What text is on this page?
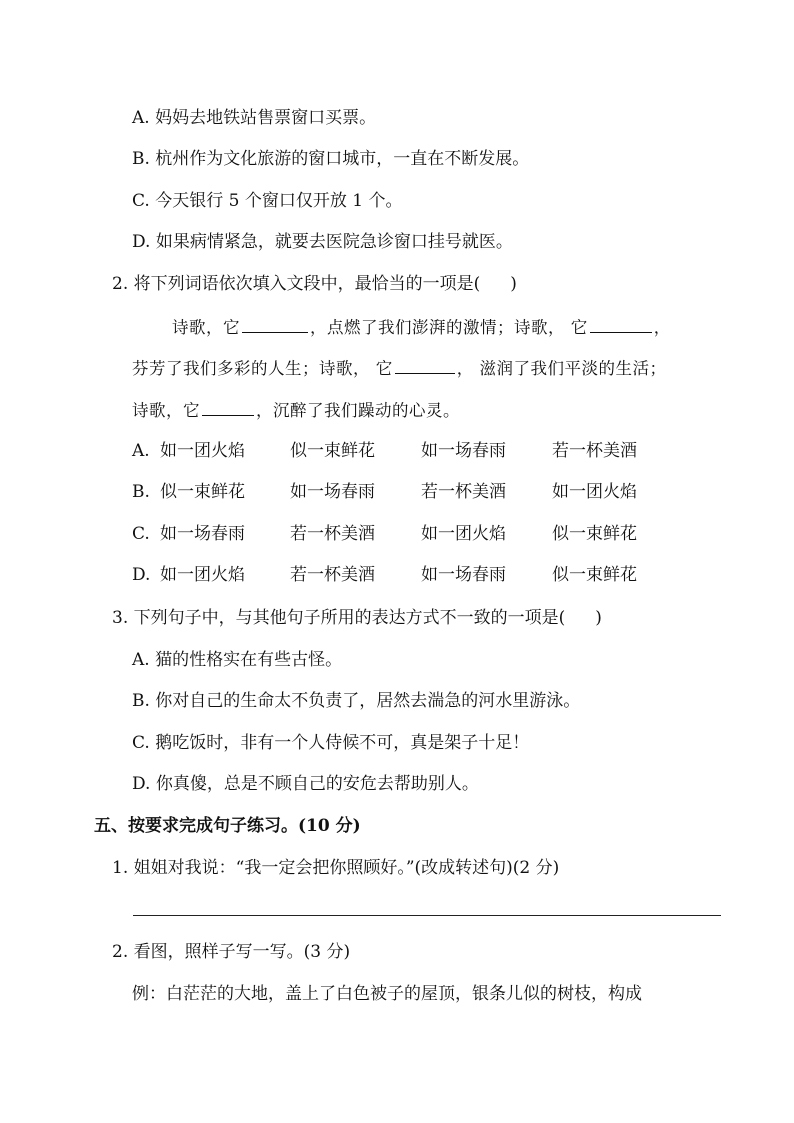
A. 妈妈去地铁站售票窗口买票。
B. 杭州作为文化旅游的窗口城市，一直在不断发展。
C. 今天银行 5 个窗口仅开放 1 个。
D. 如果病情紧急，就要去医院急诊窗口挂号就医。
2. 将下列词语依次填入文段中，最恰当的一项是( )
诗歌，它	，点燃了我们澎湃的激情；诗歌， 它	，
芬芳了我们多彩的人生；诗歌， 它	， 滋润了我们平淡的生活；
诗歌，它	，沉醉了我们躁动的心灵。
A. 如一团火焰	似一束鲜花	如一场春雨	若一杯美酒
B. 似一束鲜花	如一场春雨	若一杯美酒	如一团火焰
C. 如一场春雨	若一杯美酒	如一团火焰	似一束鲜花
D. 如一团火焰	若一杯美酒	如一场春雨	似一束鲜花
3. 下列句子中，与其他句子所用的表达方式不一致的一项是( )
A. 猫的性格实在有些古怪。
B. 你对自己的生命太不负责了，居然去湍急的河水里游泳。
C. 鹅吃饭时，非有一个人侍候不可，真是架子十足！
D. 你真傻，总是不顾自己的安危去帮助别人。
五、按要求完成句子练习。(10 分)
1. 姐姐对我说：“我一定会把你照顾好。”(改成转述句)(2 分)
2. 看图，照样子写一写。(3 分)
例：白茫茫的大地，盖上了白色被子的屋顶，银条儿似的树枝，构成
